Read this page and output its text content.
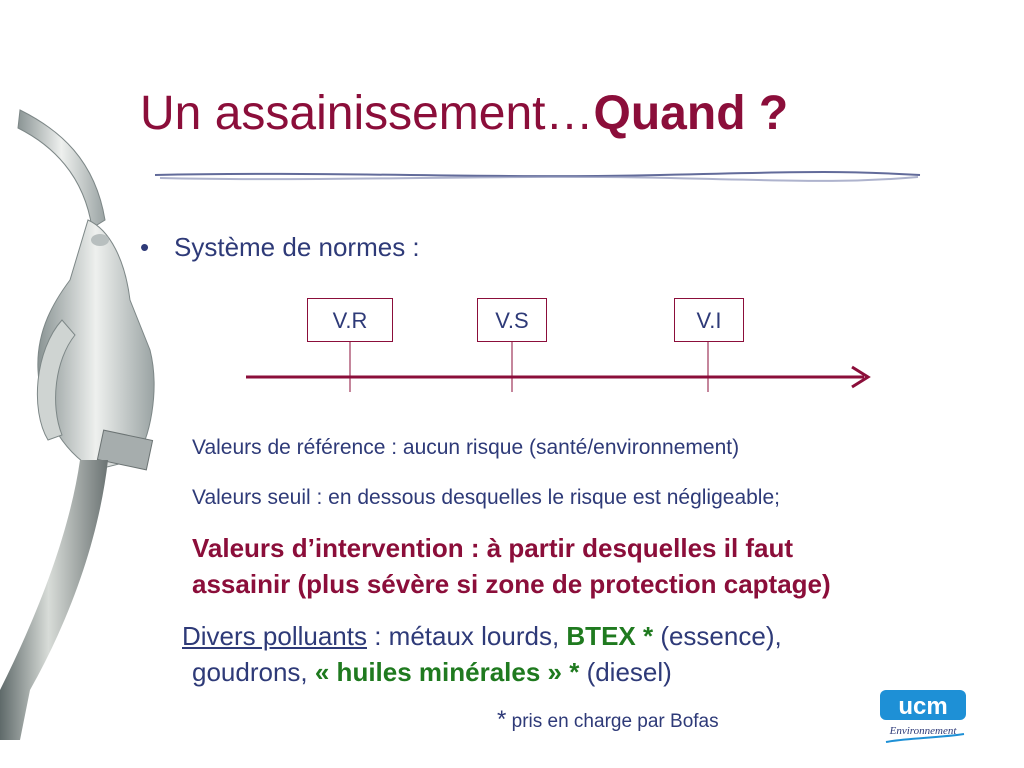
Un assainissement…Quand ?
• Système de normes :
V.R	V.S	V.I
Valeurs de référence : aucun risque (santé/environnement)
Valeurs seuil : en dessous desquelles le risque est négligeable;
Valeurs d’intervention : à partir desquelles il faut
assainir (plus sévère si zone de protection captage)
Divers polluants : métaux lourds, BTEX * (essence),
goudrons, « huiles minérales » * (diesel)
* pris en charge par Bofas
ucm
Environnement
